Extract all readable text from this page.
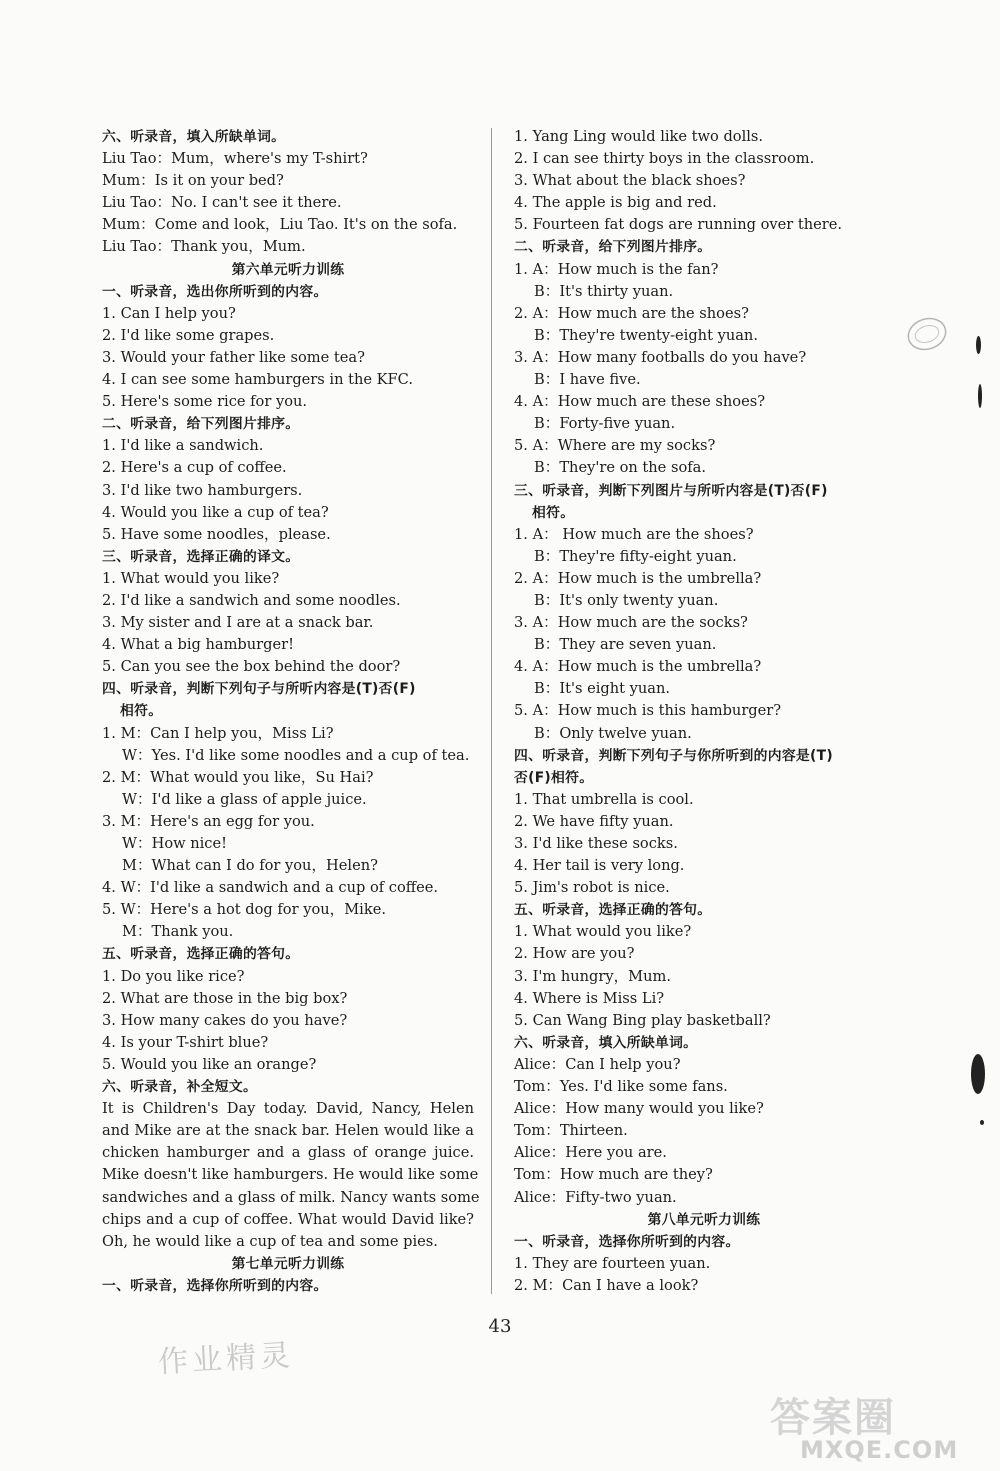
六、听录音，填入所缺单词。
Liu Tao：Mum，where's my T-shirt?
Mum：Is it on your bed?
Liu Tao：No. I can't see it there.
Mum：Come and look，Liu Tao. It's on the sofa.
Liu Tao：Thank you，Mum.
第六单元听力训练
一、听录音，选出你所听到的内容。
1. Can I help you?
2. I'd like some grapes.
3. Would your father like some tea?
4. I can see some hamburgers in the KFC.
5. Here's some rice for you.
二、听录音，给下列图片排序。
1. I'd like a sandwich.
2. Here's a cup of coffee.
3. I'd like two hamburgers.
4. Would you like a cup of tea?
5. Have some noodles，please.
三、听录音，选择正确的译文。
1. What would you like?
2. I'd like a sandwich and some noodles.
3. My sister and I are at a snack bar.
4. What a big hamburger!
5. Can you see the box behind the door?
四、听录音，判断下列句子与所听内容是(T)否(F)
相符。
1. M：Can I help you，Miss Li?
W：Yes. I'd like some noodles and a cup of tea.
2. M：What would you like，Su Hai?
W：I'd like a glass of apple juice.
3. M：Here's an egg for you.
W：How nice!
M：What can I do for you，Helen?
4. W：I'd like a sandwich and a cup of coffee.
5. W：Here's a hot dog for you，Mike.
M：Thank you.
五、听录音，选择正确的答句。
1. Do you like rice?
2. What are those in the big box?
3. How many cakes do you have?
4. Is your T-shirt blue?
5. Would you like an orange?
六、听录音，补全短文。
It is Children's Day today. David, Nancy, Helen
and Mike are at the snack bar. Helen would like a
chicken hamburger and a glass of orange juice.
Mike doesn't like hamburgers. He would like some
sandwiches and a glass of milk. Nancy wants some
chips and a cup of coffee. What would David like?
Oh, he would like a cup of tea and some pies.
第七单元听力训练
一、听录音，选择你所听到的内容。
1. Yang Ling would like two dolls.
2. I can see thirty boys in the classroom.
3. What about the black shoes?
4. The apple is big and red.
5. Fourteen fat dogs are running over there.
二、听录音，给下列图片排序。
1. A：How much is the fan?
B：It's thirty yuan.
2. A：How much are the shoes?
B：They're twenty-eight yuan.
3. A：How many footballs do you have?
B：I have five.
4. A：How much are these shoes?
B：Forty-five yuan.
5. A：Where are my socks?
B：They're on the sofa.
三、听录音，判断下列图片与所听内容是(T)否(F)
相符。
1. A： How much are the shoes?
B：They're fifty-eight yuan.
2. A：How much is the umbrella?
B：It's only twenty yuan.
3. A：How much are the socks?
B：They are seven yuan.
4. A：How much is the umbrella?
B：It's eight yuan.
5. A：How much is this hamburger?
B：Only twelve yuan.
四、听录音，判断下列句子与你所听到的内容是(T)
否(F)相符。
1. That umbrella is cool.
2. We have fifty yuan.
3. I'd like these socks.
4. Her tail is very long.
5. Jim's robot is nice.
五、听录音，选择正确的答句。
1. What would you like?
2. How are you?
3. I'm hungry，Mum.
4. Where is Miss Li?
5. Can Wang Bing play basketball?
六、听录音，填入所缺单词。
Alice：Can I help you?
Tom：Yes. I'd like some fans.
Alice：How many would you like?
Tom：Thirteen.
Alice：Here you are.
Tom：How much are they?
Alice：Fifty-two yuan.
第八单元听力训练
一、听录音，选择你所听到的内容。
1. They are fourteen yuan.
2. M：Can I have a look?
43
作业精灵
答案圈
MXQE.COM
